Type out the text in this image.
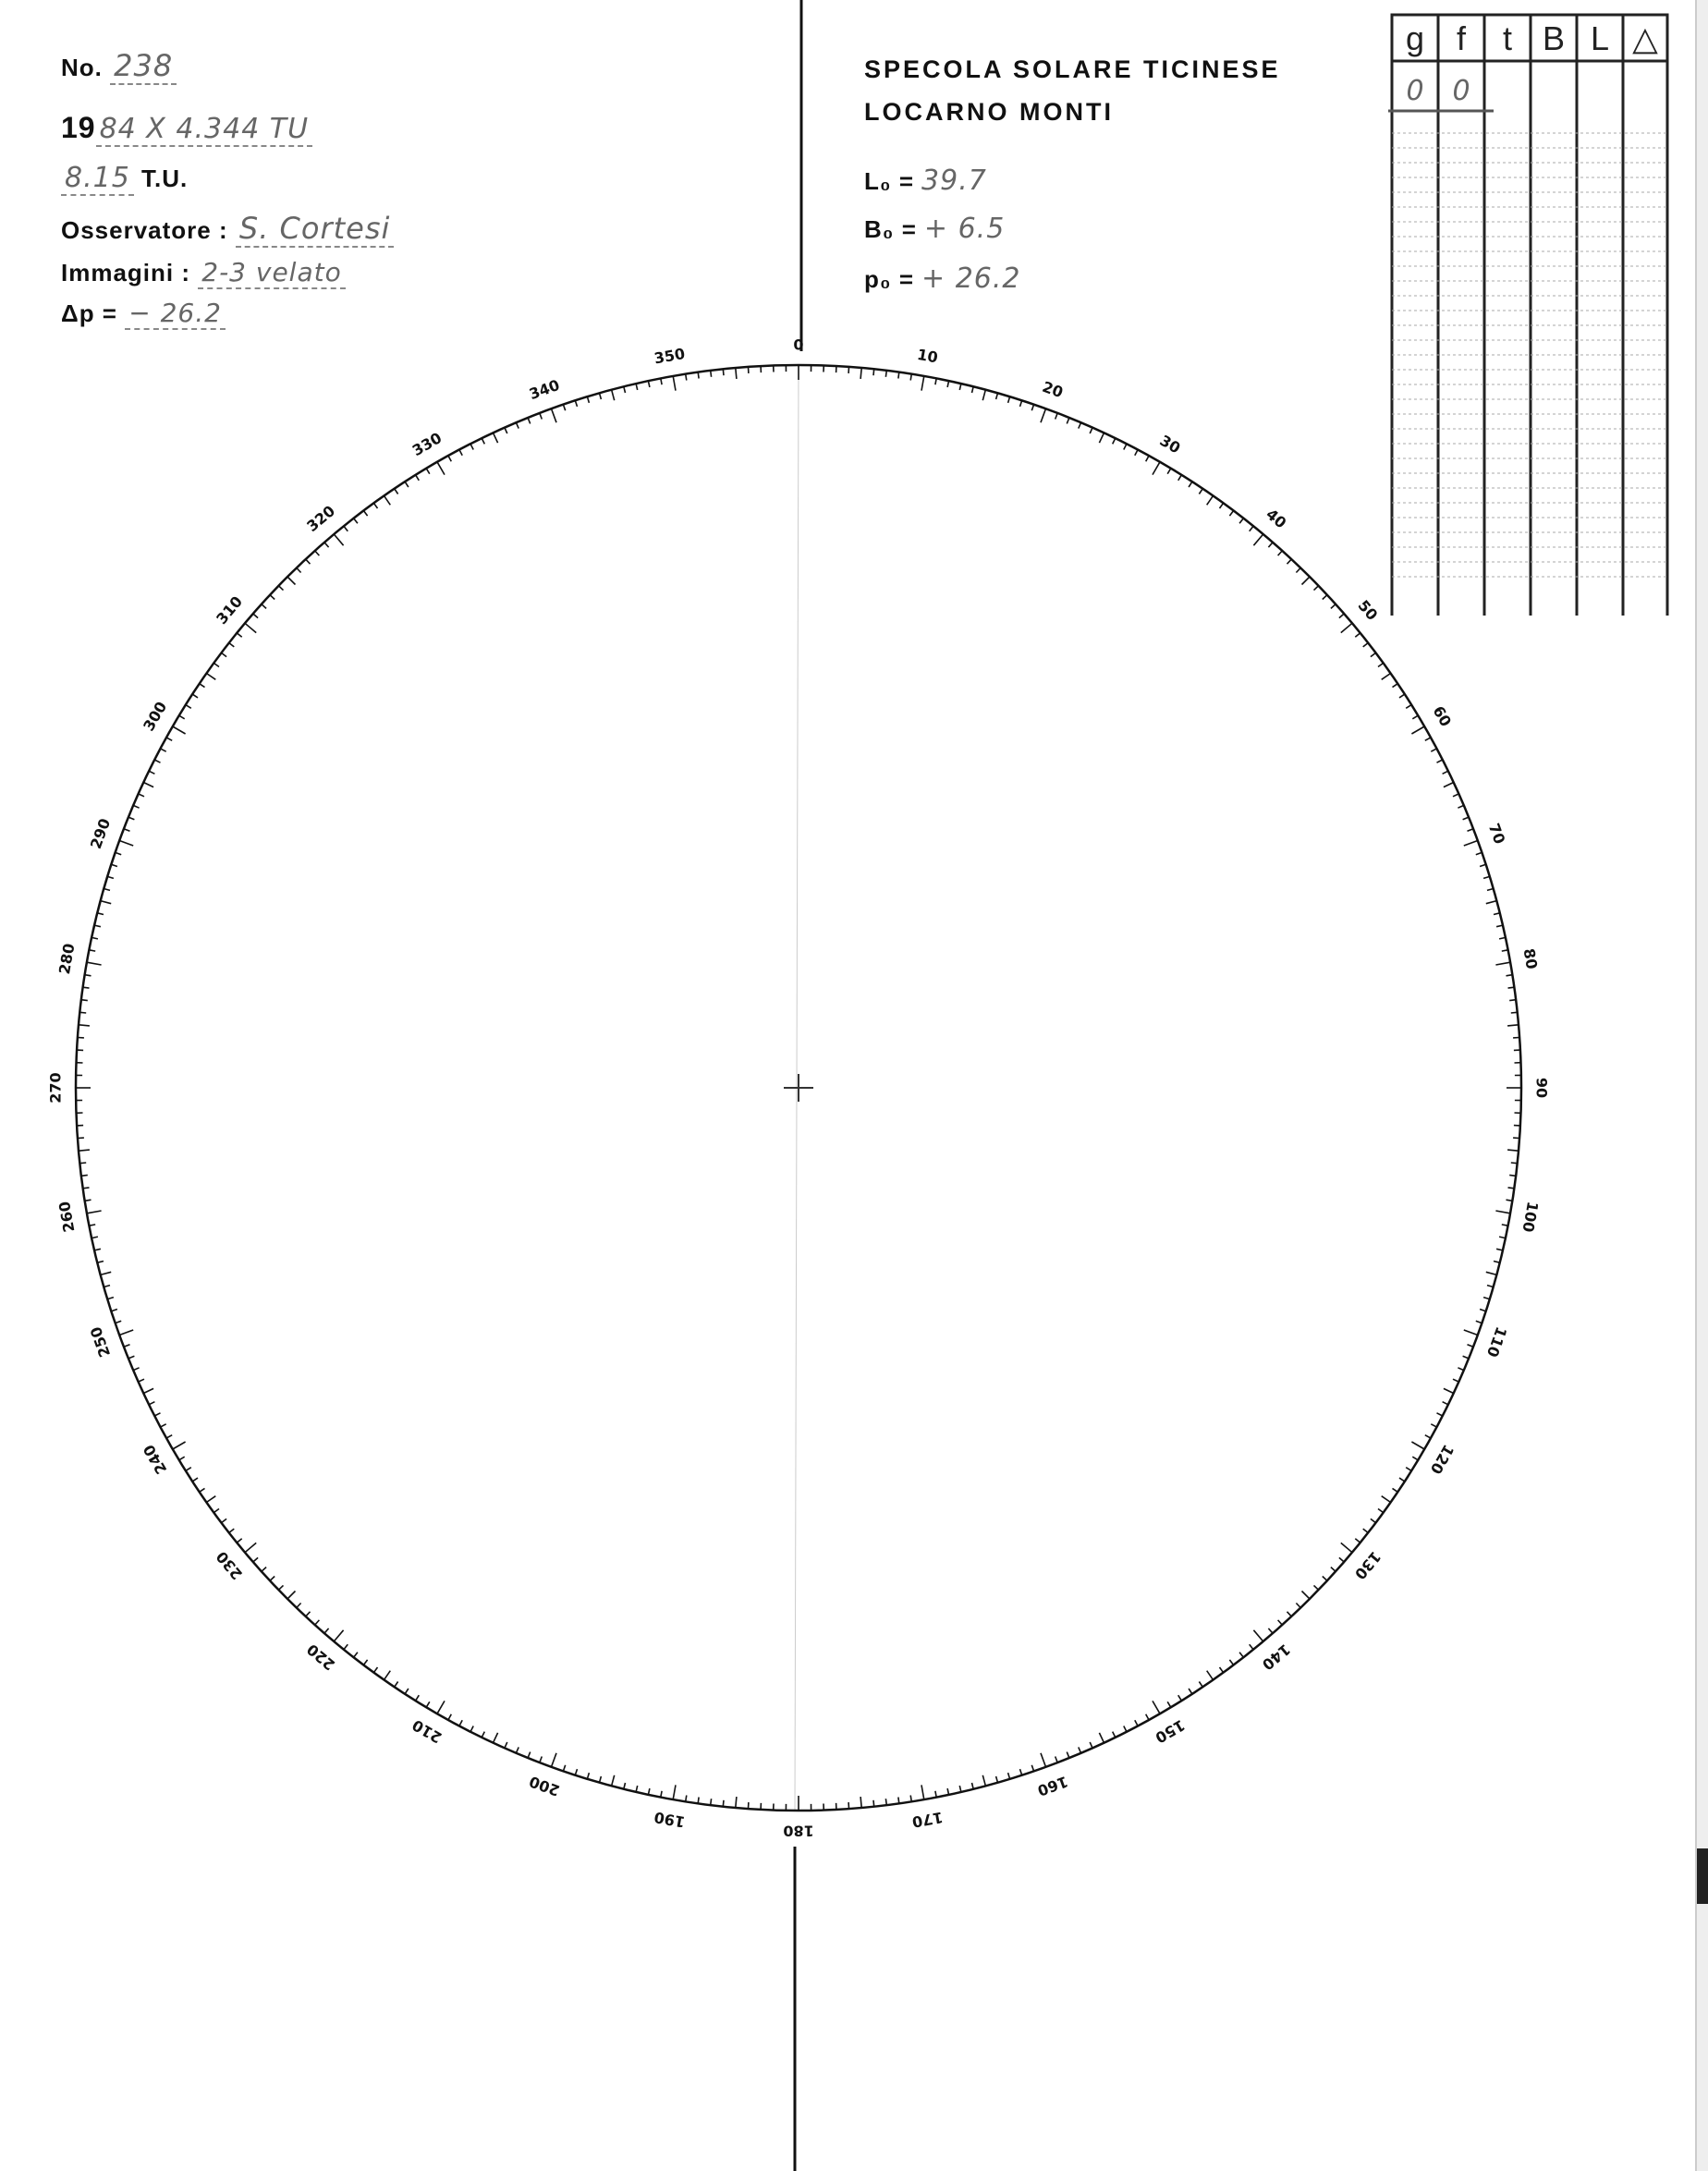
No. 238
19 84 X 4.344 TU
8.15 T.U.
Osservatore : S. Cortesi
Immagini : 2-3 velato
Δp = − 26.2
SPECOLA SOLARE TICINESE
LOCARNO MONTI
L₀ = 39.7
B₀ = + 6.5
p₀ = + 26.2
g f	t B L △
0	0
0
10
20
30
40
50
60
70
80
90
100
110
120
130
140
150
160
170
180
190
200
210
220
230
240
250
260
270
280
290
300
310
320
330
340
350
